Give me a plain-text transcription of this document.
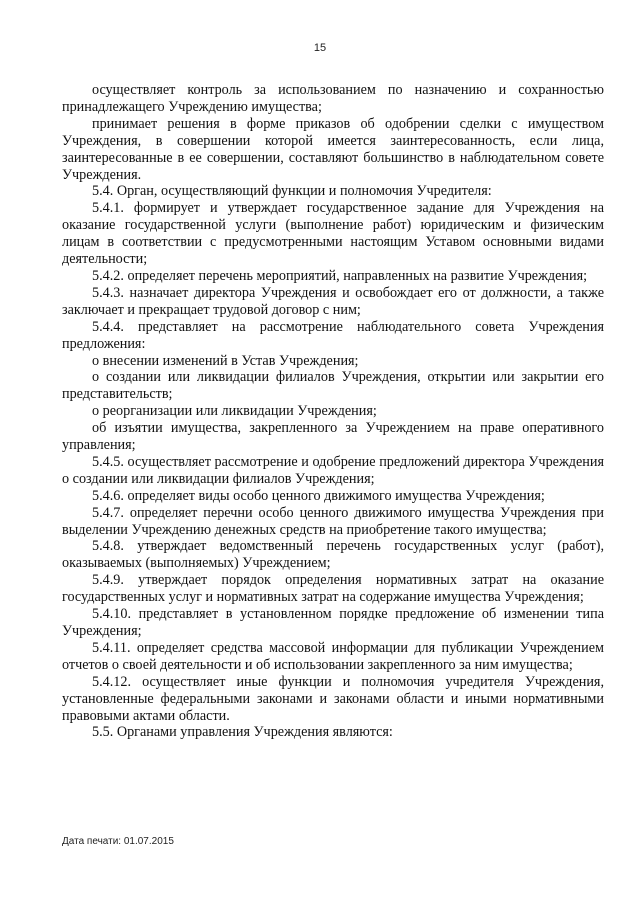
15

осуществляет контроль за использованием по назначению и сохранностью принадлежащего Учреждению имущества;

принимает решения в форме приказов об одобрении сделки с имуществом Учреждения, в совершении которой имеется заинтересованность, если лица, заинтересованные в ее совершении, составляют большинство в наблюдательном совете Учреждения.

5.4. Орган, осуществляющий функции и полномочия Учредителя:

5.4.1. формирует и утверждает государственное задание для Учреждения на оказание государственной услуги (выполнение работ) юридическим и физическим лицам в соответствии с предусмотренными настоящим Уставом основными видами деятельности;

5.4.2. определяет перечень мероприятий, направленных на развитие Учреждения;

5.4.3. назначает директора Учреждения и освобождает его от должности, а также заключает и прекращает трудовой договор с ним;

5.4.4. представляет на рассмотрение наблюдательного совета Учреждения предложения:

о внесении изменений в Устав Учреждения;

о создании или ликвидации филиалов Учреждения, открытии или закрытии его представительств;

о реорганизации или ликвидации Учреждения;

об изъятии имущества, закрепленного за Учреждением на праве оперативного управления;

5.4.5. осуществляет рассмотрение и одобрение предложений директора Учреждения о создании или ликвидации филиалов Учреждения;

5.4.6. определяет виды особо ценного движимого имущества Учреждения;

5.4.7. определяет перечни особо ценного движимого имущества Учреждения при выделении Учреждению денежных средств на приобретение такого имущества;

5.4.8. утверждает ведомственный перечень государственных услуг (работ), оказываемых (выполняемых) Учреждением;

5.4.9. утверждает порядок определения нормативных затрат на оказание государственных услуг и нормативных затрат на содержание имущества Учреждения;

5.4.10. представляет в установленном порядке предложение об изменении типа Учреждения;

5.4.11. определяет средства массовой информации для публикации Учреждением отчетов о своей деятельности и об использовании закрепленного за ним имущества;

5.4.12. осуществляет иные функции и полномочия учредителя Учреждения, установленные федеральными законами и законами области и иными нормативными правовыми актами области.

5.5. Органами управления Учреждения являются:

Дата печати: 01.07.2015
